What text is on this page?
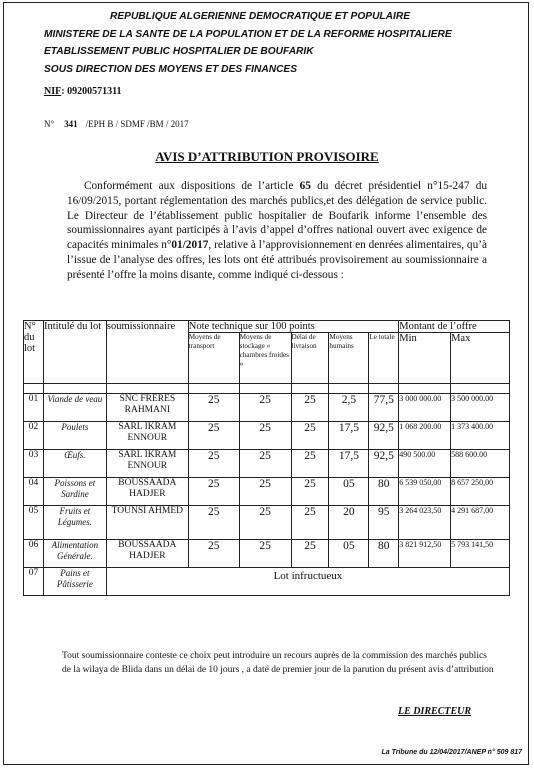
REPUBLIQUE ALGERIENNE DEMOCRATIQUE ET POPULAIRE
MINISTERE DE LA SANTE DE LA POPULATION ET DE LA REFORME HOSPITALIERE
ETABLISSEMENT PUBLIC HOSPITALIER DE BOUFARIK
SOUS DIRECTION DES MOYENS ET DES FINANCES
NIF: 09200571311
N° 341 /EPH B / SDMF /BM / 2017
AVIS D’ATTRIBUTION PROVISOIRE
Conformément aux dispositions de l’article 65 du décret présidentiel n°15-247 du 16/09/2015, portant réglementation des marchés publics,et des délégation de service public. Le Directeur de l’établissement public hospitalier de Boufarik informe l’ensemble des soumissionnaires ayant participés à l’avis d’appel d’offres national ouvert avec exigence de capacités minimales n°01/2017, relative à l’approvisionnement en denrées alimentaires, qu’à l’issue de l’analyse des offres, les lots ont été attribués provisoirement au soumissionnaire a présenté l’offre la moins disante, comme indiqué ci-dessous :
N° du lot	Intitulé du lot	soumissionnaire	Note technique sur 100 points					Montant de l’offre	
			Moyens de transport	Moyens de stockage « chambres froides »	Délai de livraison	Moyens humains	Le totale	Min	Max

01	Viande de veau	SNC FRERES RAHMANI	25	25	25	2,5	77,5	3 000 000.00	3 500 000.00
02	Poulets	SARL IKRAM ENNOUR	25	25	25	17,5	92,5	1 068 200.00	1 373 400.00
03	Œufs.	SARL IKRAM ENNOUR	25	25	25	17,5	92,5	490 500.00	588 600.00
04	Poissons et Sardine	BOUSSAADA HADJER	25	25	25	05	80	6 539 050,00	8 657 250,00
05	Fruits et Légumes.	TOUNSI AHMED	25	25	25	20	95	3 264 023,50	4 291 687,00
06	Alimentation Générale.	BOUSSAADA HADJER	25	25	25	05	80	3 821 912,50	5 793 141,50
07	Pains et Pâtisserie	Lot infructueux							
Tout soumissionnaire conteste ce choix peut introduire un recours auprès de la commission des marchés publics de la wilaya de Blida dans un délai de 10 jours , a daté de premier jour de la parution du présent avis d’attribution
LE DIRECTEUR
La Tribune du 12/04/2017/ANEP n° 509 817
